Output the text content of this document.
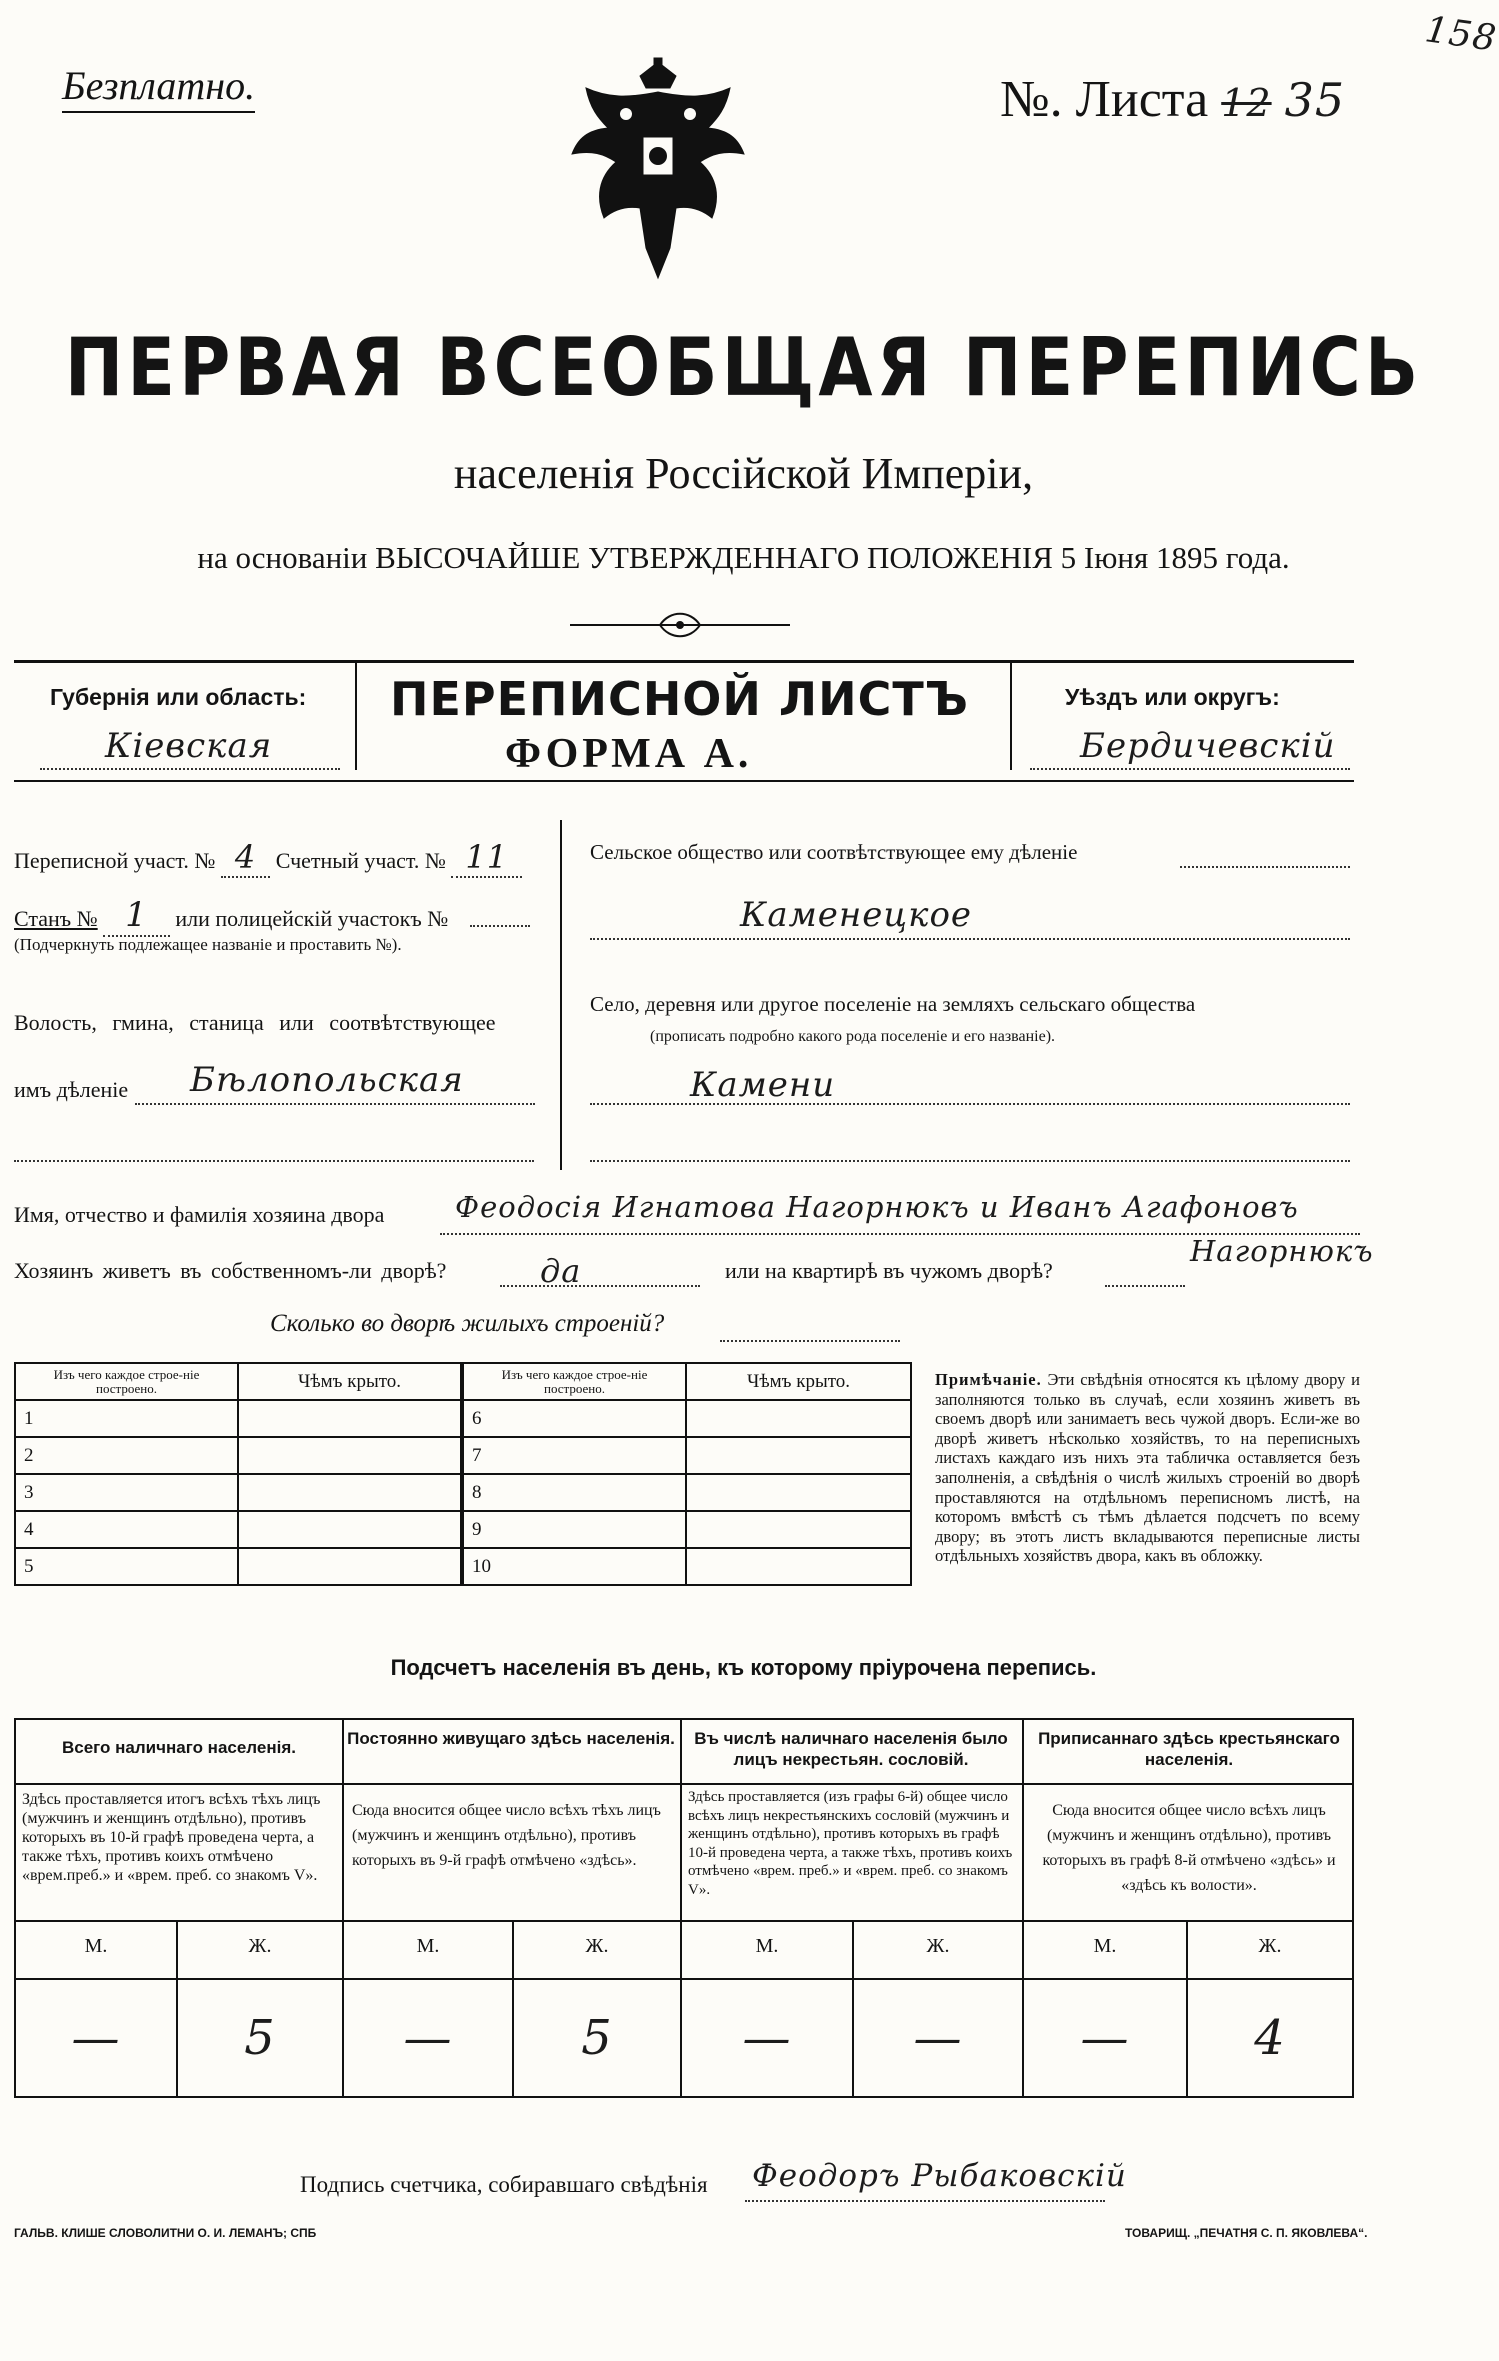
Безплатно.	№. Листа 12 35
158
ПЕРВАЯ ВСЕОБЩАЯ ПЕРЕПИСЬ
населенія Россійской Имперіи,
на основаніи ВЫСОЧАЙШЕ УТВЕРЖДЕННАГО ПОЛОЖЕНІЯ 5 Іюня 1895 года.
Губернія или область:
Кіевская
ПЕРЕПИСНОЙ ЛИСТЪ
ФОРМА А.
Уѣздъ или округъ:
Бердичевскій
Переписной участ. № 4 Счетный участ. № 11
Станъ № 1 или полицейскій участокъ №
(Подчеркнуть подлежащее названіе и проставить №).
Волость, гмина, станица или соотвѣтствующее
имъ дѣленіе Бѣлопольская
Сельское общество или соотвѣтствующее ему дѣленіе
Каменецкое
Село, деревня или другое поселеніе на земляхъ сельскаго общества
(прописать подробно какого рода поселеніе и его названіе).
Камени
Имя, отчество и фамилія хозяина двора Феодосія Игнатова Нагорнюкъ и Иванъ Агафоновъ
Хозяинъ живетъ въ собственномъ-ли дворѣ?	да	или на квартирѣ въ чужомъ дворѣ?
Нагорнюкъ
Сколько во дворѣ жилыхъ строеній?
Изъ чего каждое строе-ніе построено.	Чѣмъ крыто.
1	
2	
3	
4	
5	
Изъ чего каждое строе-ніе построено.	Чѣмъ крыто.
6	
7	
8	
9	
10	
Примѣчаніе. Эти свѣдѣнія относятся къ цѣлому двору и заполняются только въ случаѣ, если хозяинъ живетъ въ своемъ дворѣ или занимаетъ весь чужой дворъ. Если-же во дворѣ живетъ нѣсколько хозяйствъ, то на переписныхъ листахъ каждаго изъ нихъ эта табличка оставляется безъ заполненія, а свѣдѣнія о числѣ жилыхъ строеній во дворѣ проставляются на отдѣльномъ переписномъ листѣ, на которомъ вмѣстѣ съ тѣмъ дѣлается подсчетъ по всему двору; въ этотъ листъ вкладываются переписные листы отдѣльныхъ хозяйствъ двора, какъ въ обложку.
Подсчетъ населенія въ день, къ которому пріурочена перепись.
Всего наличнаго населенія.
Здѣсь проставляется итогъ всѣхъ тѣхъ лицъ (мужчинъ и женщинъ отдѣльно), противъ которыхъ въ 10-й графѣ проведена черта, а также тѣхъ, противъ коихъ отмѣчено «врем.преб.» и «врем. преб. со знакомъ V».
М.	Ж.
—	5
Постоянно живущаго здѣсь населенія.
Сюда вносится общее число всѣхъ тѣхъ лицъ (мужчинъ и женщинъ отдѣльно), противъ которыхъ въ 9-й графѣ отмѣчено «здѣсь».
М.	Ж.
—	5
Въ числѣ наличнаго населенія было лицъ некрестьян. сословій.
Здѣсь проставляется (изъ графы 6-й) общее число всѣхъ лицъ некрестьянскихъ сословій (мужчинъ и женщинъ отдѣльно), противъ которыхъ въ графѣ 10-й проведена черта, а также тѣхъ, противъ коихъ отмѣчено «врем. преб.» и «врем. преб. со знакомъ V».
М.	Ж.
—	—
Приписаннаго здѣсь крестьянскаго населенія.
Сюда вносится общее число всѣхъ лицъ (мужчинъ и женщинъ отдѣльно), противъ которыхъ въ графѣ 8-й отмѣчено «здѣсь» и «здѣсь къ волости».
М.	Ж.
—	4
Подпись счетчика, собиравшаго свѣдѣнія Феодоръ Рыбаковскій
ГАЛЬВ. КЛИШЕ СЛОВОЛИТНИ О. И. ЛЕМАНЪ; СПБ	ТОВАРИЩ. „ПЕЧАТНЯ С. П. ЯКОВЛЕВА“.
